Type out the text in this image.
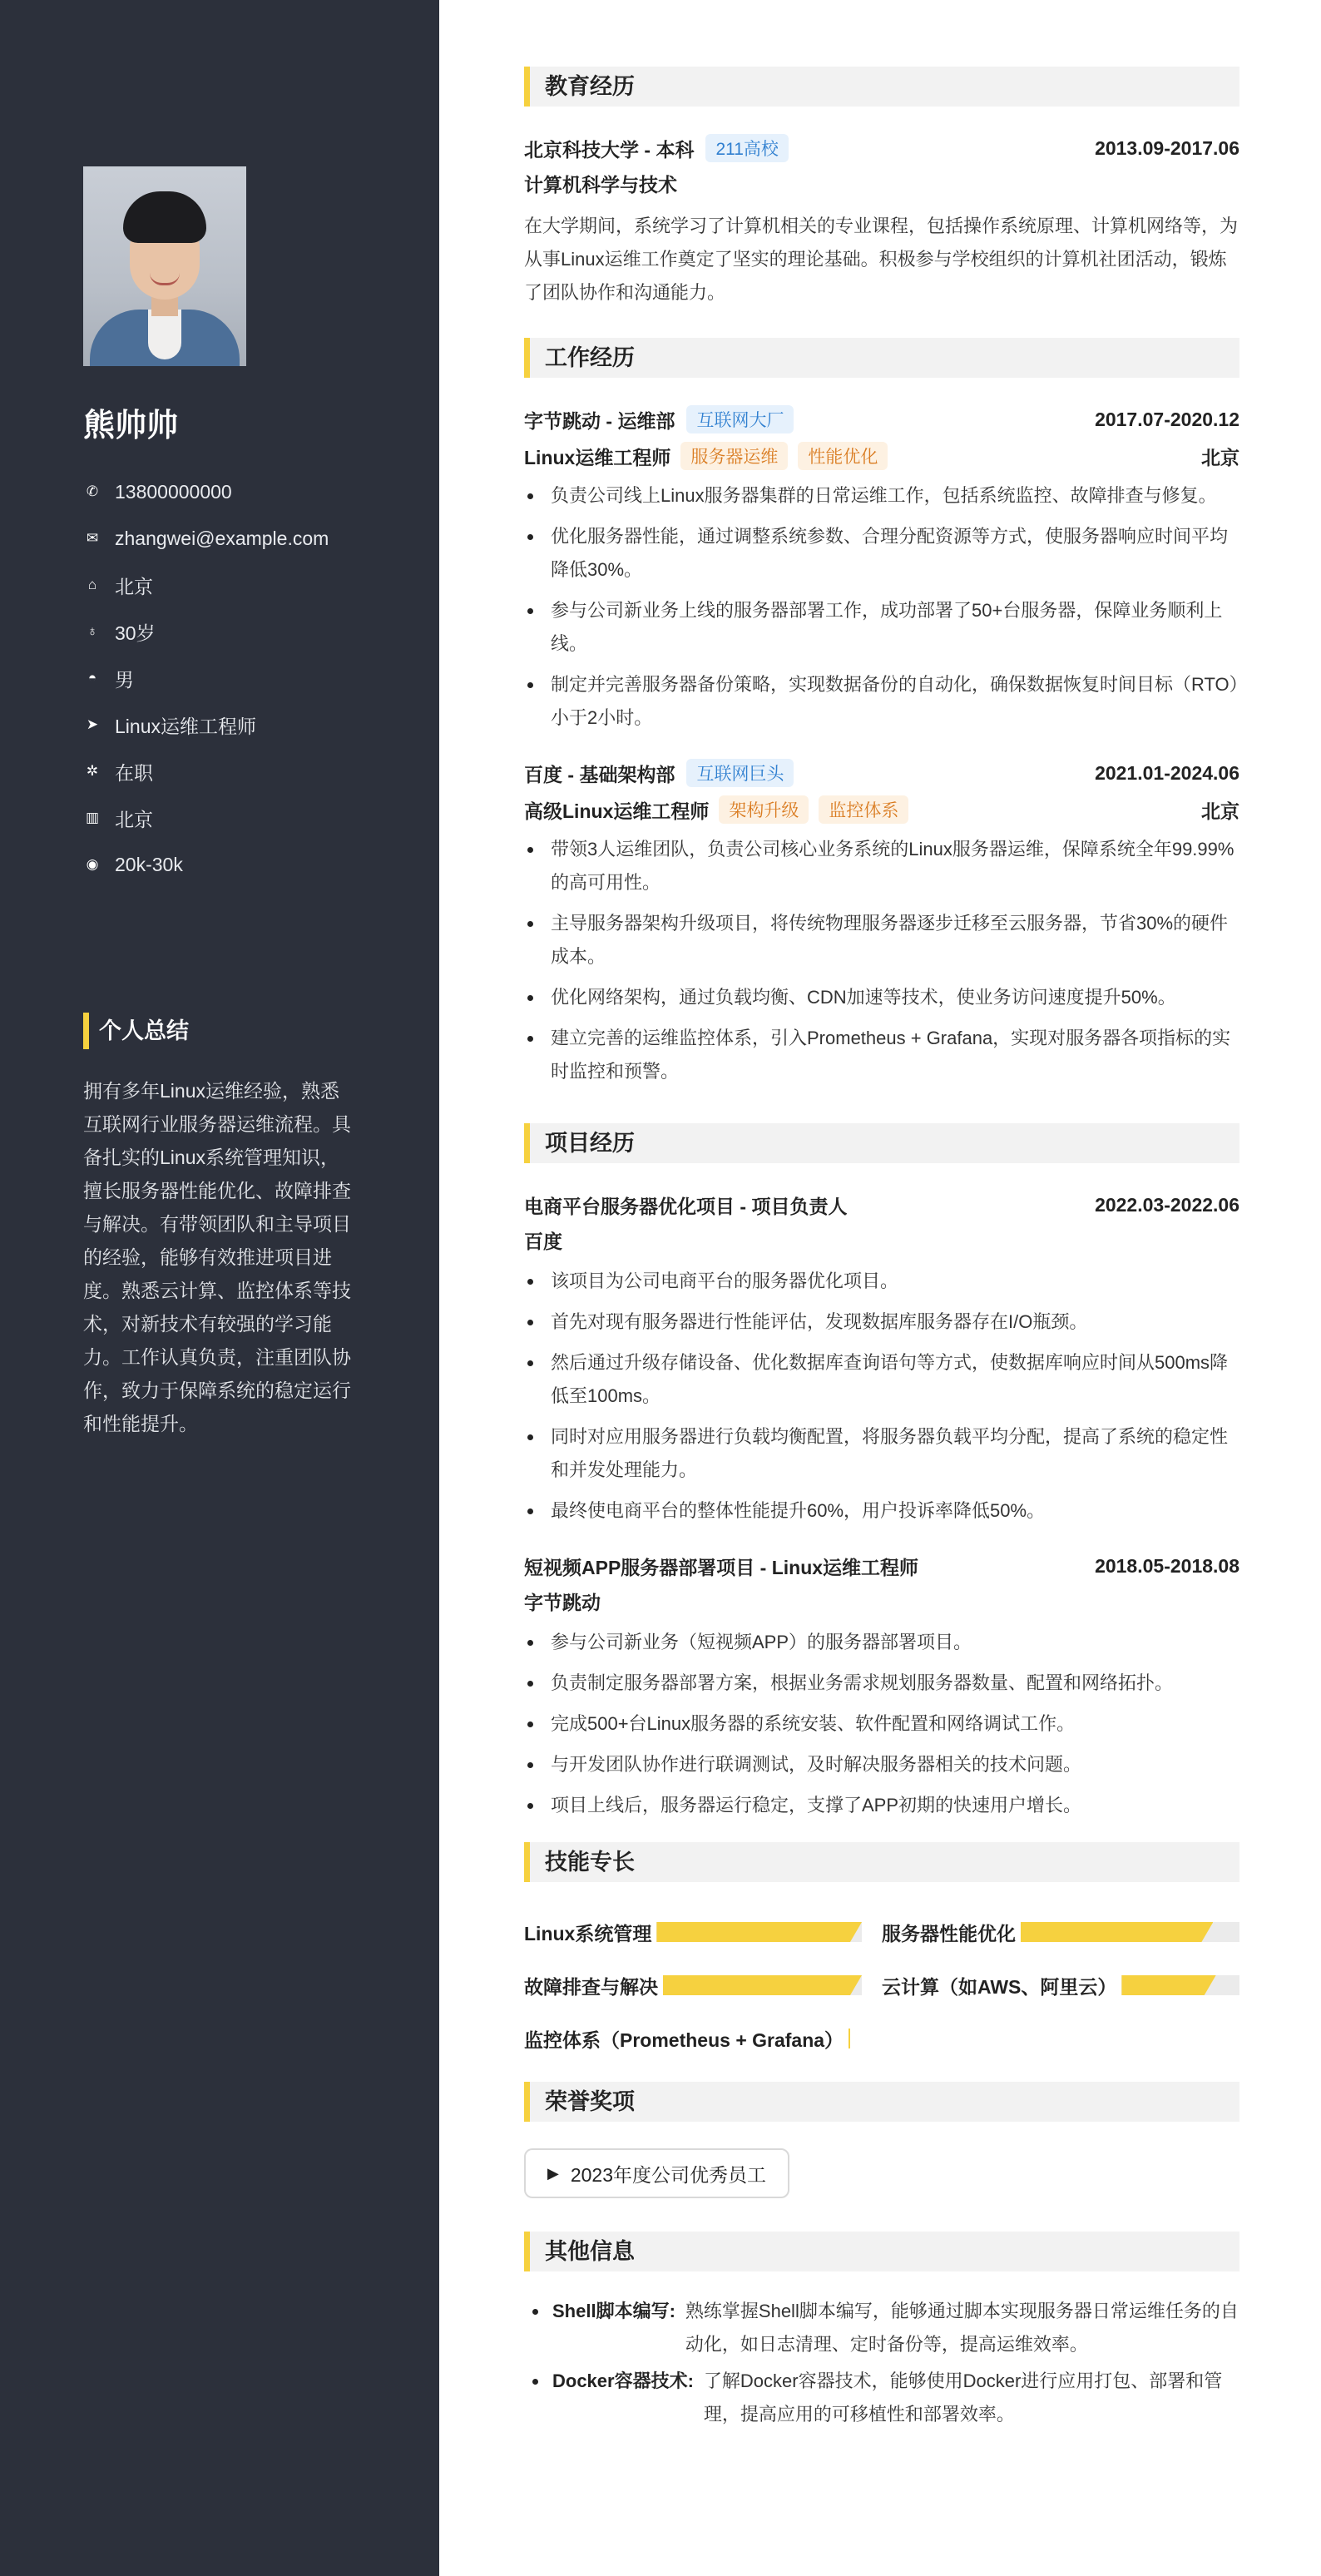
熊帅帅
✆ 13800000000
✉ zhangwei@example.com
⌂ 北京
♁ 30岁
◓ 男
➤ Linux运维工程师
✲ 在职
▥ 北京
◉ 20k-30k
个人总结
拥有多年Linux运维经验，熟悉互联网行业服务器运维流程。具备扎实的Linux系统管理知识，擅长服务器性能优化、故障排查与解决。有带领团队和主导项目的经验，能够有效推进项目进度。熟悉云计算、监控体系等技术，对新技术有较强的学习能力。工作认真负责，注重团队协作，致力于保障系统的稳定运行和性能提升。
教育经历
北京科技大学 - 本科	211高校	2013.09-2017.06
计算机科学与技术
在大学期间，系统学习了计算机相关的专业课程，包括操作系统原理、计算机网络等，为从事Linux运维工作奠定了坚实的理论基础。积极参与学校组织的计算机社团活动，锻炼了团队协作和沟通能力。
工作经历
字节跳动 - 运维部	互联网大厂	2017.07-2020.12
Linux运维工程师	服务器运维	性能优化	北京
负责公司线上Linux服务器集群的日常运维工作，包括系统监控、故障排查与修复。
优化服务器性能，通过调整系统参数、合理分配资源等方式，使服务器响应时间平均降低30%。
参与公司新业务上线的服务器部署工作，成功部署了50+台服务器，保障业务顺利上线。
制定并完善服务器备份策略，实现数据备份的自动化，确保数据恢复时间目标（RTO）小于2小时。
百度 - 基础架构部	互联网巨头	2021.01-2024.06
高级Linux运维工程师	架构升级	监控体系	北京
带领3人运维团队，负责公司核心业务系统的Linux服务器运维，保障系统全年99.99%的高可用性。
主导服务器架构升级项目，将传统物理服务器逐步迁移至云服务器，节省30%的硬件成本。
优化网络架构，通过负载均衡、CDN加速等技术，使业务访问速度提升50%。
建立完善的运维监控体系，引入Prometheus + Grafana，实现对服务器各项指标的实时监控和预警。
项目经历
电商平台服务器优化项目 - 项目负责人	2022.03-2022.06
百度
该项目为公司电商平台的服务器优化项目。
首先对现有服务器进行性能评估，发现数据库服务器存在I/O瓶颈。
然后通过升级存储设备、优化数据库查询语句等方式，使数据库响应时间从500ms降低至100ms。
同时对应用服务器进行负载均衡配置，将服务器负载平均分配，提高了系统的稳定性和并发处理能力。
最终使电商平台的整体性能提升60%，用户投诉率降低50%。
短视频APP服务器部署项目 - Linux运维工程师	2018.05-2018.08
字节跳动
参与公司新业务（短视频APP）的服务器部署项目。
负责制定服务器部署方案，根据业务需求规划服务器数量、配置和网络拓扑。
完成500+台Linux服务器的系统安装、软件配置和网络调试工作。
与开发团队协作进行联调测试，及时解决服务器相关的技术问题。
项目上线后，服务器运行稳定，支撑了APP初期的快速用户增长。
技能专长
Linux系统管理	服务器性能优化
故障排查与解决	云计算（如AWS、阿里云）
监控体系（Prometheus + Grafana）
荣誉奖项
▶ 2023年度公司优秀员工
其他信息
Shell脚本编写: 熟练掌握Shell脚本编写，能够通过脚本实现服务器日常运维任务的自动化，如日志清理、定时备份等，提高运维效率。
Docker容器技术: 了解Docker容器技术，能够使用Docker进行应用打包、部署和管理，提高应用的可移植性和部署效率。
